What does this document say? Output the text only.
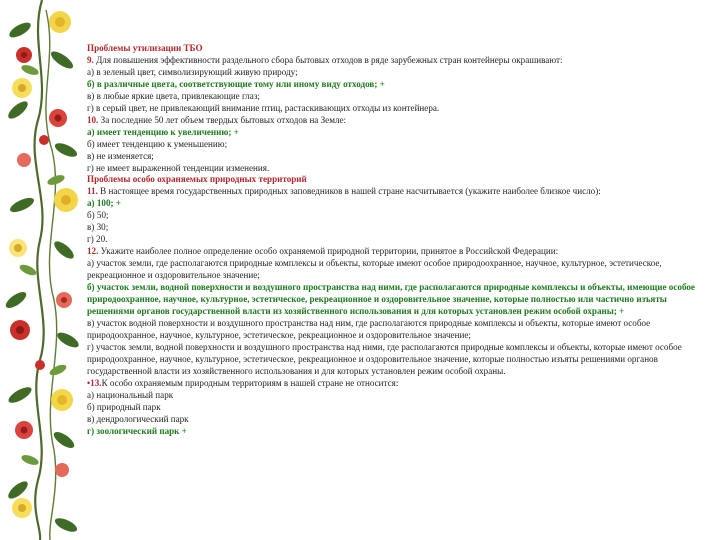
Проблемы утилизации ТБО

9. Для повышения эффективности раздельного сбора бытовых отходов в ряде зарубежных стран контейнеры окрашивают:

а) в зеленый цвет, символизирующий живую природу;

б) в различные цвета, соответствующие тому или иному виду отходов; +

в) в любые яркие цвета, привлекающие глаз;

г) в серый цвет, не привлекающий внимание птиц, растаскивающих отходы из контейнера.

10. За последние 50 лет объем твердых бытовых отходов на Земле:

а) имеет тенденцию к увеличению; +

б) имеет тенденцию к уменьшению;

в) не изменяется;

г) не имеет выраженной тенденции изменения.

Проблемы особо охраняемых природных территорий

11. В настоящее время государственных природных заповедников в нашей стране насчитывается (укажите наиболее близкое число):

а) 100; +

б) 50;

в) 30;

г) 20.

12. Укажите наиболее полное определение особо охраняемой природной территории, принятое в Российской Федерации:

а) участок земли, где располагаются природные комплексы и объекты, которые имеют особое природоохранное, научное, культурное, эстетическое, рекреационное и оздоровительное значение;

б) участок земли, водной поверхности и воздушного пространства над ними, где располагаются природные комплексы и объекты, имеющие особое природоохранное, научное, культурное, эстетическое, рекреационное и оздоровительное значение, которые полностью или частично изъяты решениями органов государственной власти из хозяйственного использования и для которых установлен режим особой охраны; +

в) участок водной поверхности и воздушного пространства над ним, где располагаются природные комплексы и объекты, которые имеют особое природоохранное, научное, культурное, эстетическое, рекреационное и оздоровительное значение;

г) участок земли, водной поверхности и воздушного пространства над ними, где располагаются природные комплексы и объекты, которые имеют особое природоохранное, научное, культурное, эстетическое, рекреационное и оздоровительное значение, которые полностью изъяты решениями органов государственной власти из хозяйственного использования и для которых установлен режим особой охраны.

•13.К особо охраняемым природным территориям в нашей стране не относится:

а) национальный парк

б) природный парк

в) дендрологический парк

г) зоологический парк +
